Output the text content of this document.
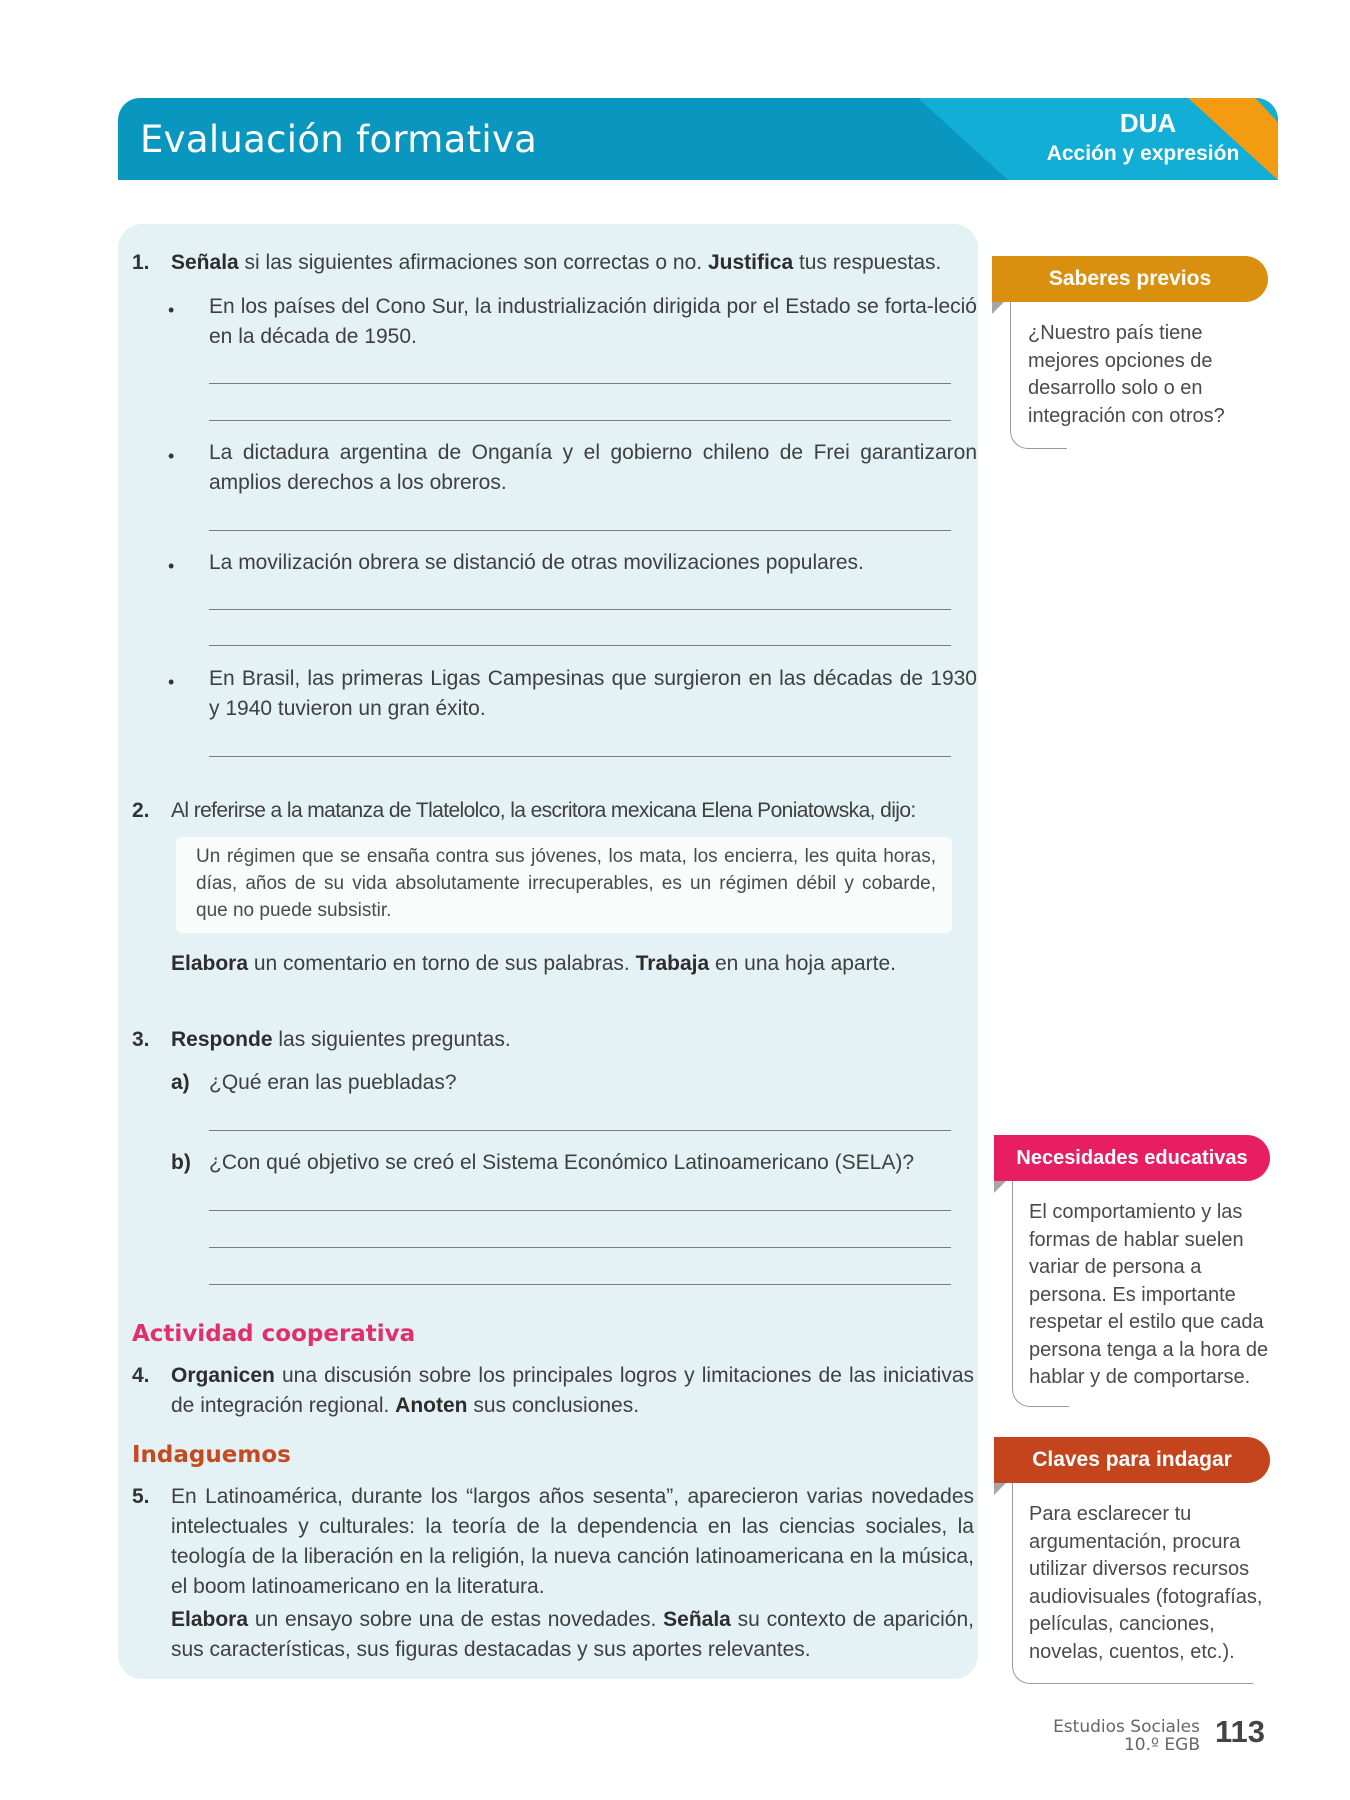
Evaluación formativa	DUA
Acción y expresión
1. Señala si las siguientes afirmaciones son correctas o no. Justifica tus respuestas.
• En los países del Cono Sur, la industrialización dirigida por el Estado se forta-leció en la década de 1950.
• La dictadura argentina de Onganía y el gobierno chileno de Frei garantizaron amplios derechos a los obreros.
• La movilización obrera se distanció de otras movilizaciones populares.
• En Brasil, las primeras Ligas Campesinas que surgieron en las décadas de 1930 y 1940 tuvieron un gran éxito.
2. Al referirse a la matanza de Tlatelolco, la escritora mexicana Elena Poniatowska, dijo:
Un régimen que se ensaña contra sus jóvenes, los mata, los encierra, les quita horas, días, años de su vida absolutamente irrecuperables, es un régimen débil y cobarde, que no puede subsistir.
Elabora un comentario en torno de sus palabras. Trabaja en una hoja aparte.
3. Responde las siguientes preguntas.
a) ¿Qué eran las puebladas?
b) ¿Con qué objetivo se creó el Sistema Económico Latinoamericano (SELA)?
Actividad cooperativa
4. Organicen una discusión sobre los principales logros y limitaciones de las iniciativas de integración regional. Anoten sus conclusiones.
Indaguemos
5. En Latinoamérica, durante los “largos años sesenta”, aparecieron varias novedades intelectuales y culturales: la teoría de la dependencia en las ciencias sociales, la teología de la liberación en la religión, la nueva canción latinoamericana en la música, el boom latinoamericano en la literatura.
Elabora un ensayo sobre una de estas novedades. Señala su contexto de aparición, sus características, sus figuras destacadas y sus aportes relevantes.
Saberes previos
¿Nuestro país tiene mejores opciones de desarrollo solo o en integración con otros?
Necesidades educativas
El comportamiento y las formas de hablar suelen variar de persona a persona. Es importante respetar el estilo que cada persona tenga a la hora de hablar y de comportarse.
Claves para indagar
Para esclarecer tu argumentación, procura utilizar diversos recursos audiovisuales (fotografías, películas, canciones, novelas, cuentos, etc.).
Estudios Sociales
10.º EGB 113
